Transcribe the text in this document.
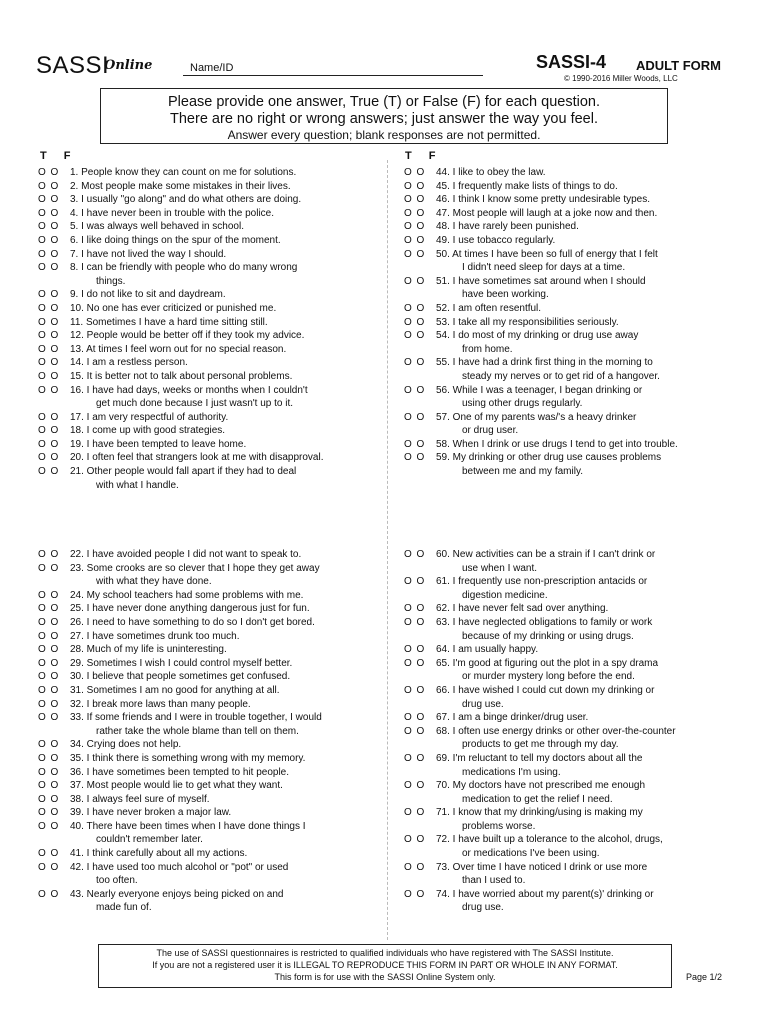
SASSI
Online	Name/ID	SASSI-4 ADULT FORM
© 1990-2016 Miller Woods, LLC
Please provide one answer, True (T) or False (F) for each question.
There are no right or wrong answers; just answer the way you feel.
Answer every question; blank responses are not permitted.
T F	T F
O O	1. People know they can count on me for solutions.
O O	2. Most people make some mistakes in their lives.
O O	3. I usually "go along" and do what others are doing.
O O	4. I have never been in trouble with the police.
O O	5. I was always well behaved in school.
O O	6. I like doing things on the spur of the moment.
O O	7. I have not lived the way I should.
O O	8. I can be friendly with people who do many wrong
things.
O O	9. I do not like to sit and daydream.
O O	10. No one has ever criticized or punished me.
O O	11. Sometimes I have a hard time sitting still.
O O	12. People would be better off if they took my advice.
O O	13. At times I feel worn out for no special reason.
O O	14. I am a restless person.
O O	15. It is better not to talk about personal problems.
O O	16. I have had days, weeks or months when I couldn't
get much done because I just wasn't up to it.
O O	17. I am very respectful of authority.
O O	18. I come up with good strategies.
O O	19. I have been tempted to leave home.
O O	20. I often feel that strangers look at me with disapproval.
O O	21. Other people would fall apart if they had to deal
with what I handle.
O O	44. I like to obey the law.
O O	45. I frequently make lists of things to do.
O O	46. I think I know some pretty undesirable types.
O O	47. Most people will laugh at a joke now and then.
O O	48. I have rarely been punished.
O O	49. I use tobacco regularly.
O O	50. At times I have been so full of energy that I felt
I didn't need sleep for days at a time.
O O	51. I have sometimes sat around when I should
have been working.
O O	52. I am often resentful.
O O	53. I take all my responsibilities seriously.
O O	54. I do most of my drinking or drug use away
from home.
O O	55. I have had a drink first thing in the morning to
steady my nerves or to get rid of a hangover.
O O	56. While I was a teenager, I began drinking or
using other drugs regularly.
O O	57. One of my parents was/'s a heavy drinker
or drug user.
O O	58. When I drink or use drugs I tend to get into trouble.
O O	59. My drinking or other drug use causes problems
between me and my family.
O O	22. I have avoided people I did not want to speak to.
O O	23. Some crooks are so clever that I hope they get away
with what they have done.
O O	24. My school teachers had some problems with me.
O O	25. I have never done anything dangerous just for fun.
O O	26. I need to have something to do so I don't get bored.
O O	27. I have sometimes drunk too much.
O O	28. Much of my life is uninteresting.
O O	29. Sometimes I wish I could control myself better.
O O	30. I believe that people sometimes get confused.
O O	31. Sometimes I am no good for anything at all.
O O	32. I break more laws than many people.
O O	33. If some friends and I were in trouble together, I would
rather take the whole blame than tell on them.
O O	34. Crying does not help.
O O	35. I think there is something wrong with my memory.
O O	36. I have sometimes been tempted to hit people.
O O	37. Most people would lie to get what they want.
O O	38. I always feel sure of myself.
O O	39. I have never broken a major law.
O O	40. There have been times when I have done things I
couldn't remember later.
O O	41. I think carefully about all my actions.
O O	42. I have used too much alcohol or "pot" or used
too often.
O O	43. Nearly everyone enjoys being picked on and
made fun of.
O O	60. New activities can be a strain if I can't drink or
use when I want.
O O	61. I frequently use non-prescription antacids or
digestion medicine.
O O	62. I have never felt sad over anything.
O O	63. I have neglected obligations to family or work
because of my drinking or using drugs.
O O	64. I am usually happy.
O O	65. I'm good at figuring out the plot in a spy drama
or murder mystery long before the end.
O O	66. I have wished I could cut down my drinking or
drug use.
O O	67. I am a binge drinker/drug user.
O O	68. I often use energy drinks or other over-the-counter
products to get me through my day.
O O	69. I'm reluctant to tell my doctors about all the
medications I'm using.
O O	70. My doctors have not prescribed me enough
medication to get the relief I need.
O O	71. I know that my drinking/using is making my
problems worse.
O O	72. I have built up a tolerance to the alcohol, drugs,
or medications I've been using.
O O	73. Over time I have noticed I drink or use more
than I used to.
O O	74. I have worried about my parent(s)' drinking or
drug use.
The use of SASSI questionnaires is restricted to qualified individuals who have registered with The SASSI Institute.
If you are not a registered user it is ILLEGAL TO REPRODUCE THIS FORM IN PART OR WHOLE IN ANY FORMAT.
This form is for use with the SASSI Online System only.	Page 1/2
